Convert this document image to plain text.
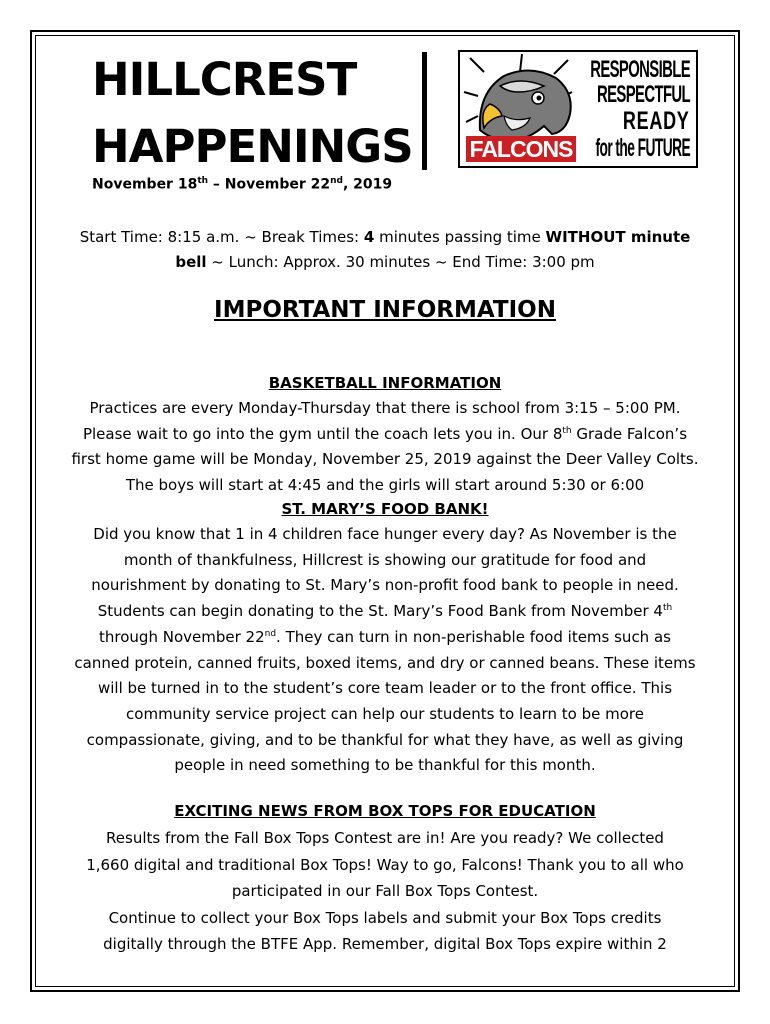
HILLCREST
HAPPENINGS
November 18th – November 22nd, 2019
FALCONS
RESPONSIBLE
RESPECTFUL
READY
for the FUTURE
Start Time: 8:15 a.m. ~ Break Times: 4 minutes passing time WITHOUT minute
bell ~ Lunch: Approx. 30 minutes ~ End Time: 3:00 pm
IMPORTANT INFORMATION
BASKETBALL INFORMATION
Practices are every Monday-Thursday that there is school from 3:15 – 5:00 PM.
Please wait to go into the gym until the coach lets you in. Our 8th Grade Falcon’s
first home game will be Monday, November 25, 2019 against the Deer Valley Colts.
The boys will start at 4:45 and the girls will start around 5:30 or 6:00
ST. MARY’S FOOD BANK!
Did you know that 1 in 4 children face hunger every day? As November is the
month of thankfulness, Hillcrest is showing our gratitude for food and
nourishment by donating to St. Mary’s non-profit food bank to people in need.
Students can begin donating to the St. Mary’s Food Bank from November 4th
through November 22nd. They can turn in non-perishable food items such as
canned protein, canned fruits, boxed items, and dry or canned beans. These items
will be turned in to the student’s core team leader or to the front office. This
community service project can help our students to learn to be more
compassionate, giving, and to be thankful for what they have, as well as giving
people in need something to be thankful for this month.
EXCITING NEWS FROM BOX TOPS FOR EDUCATION
Results from the Fall Box Tops Contest are in! Are you ready? We collected
1,660 digital and traditional Box Tops! Way to go, Falcons! Thank you to all who
participated in our Fall Box Tops Contest.
Continue to collect your Box Tops labels and submit your Box Tops credits
digitally through the BTFE App. Remember, digital Box Tops expire within 2
